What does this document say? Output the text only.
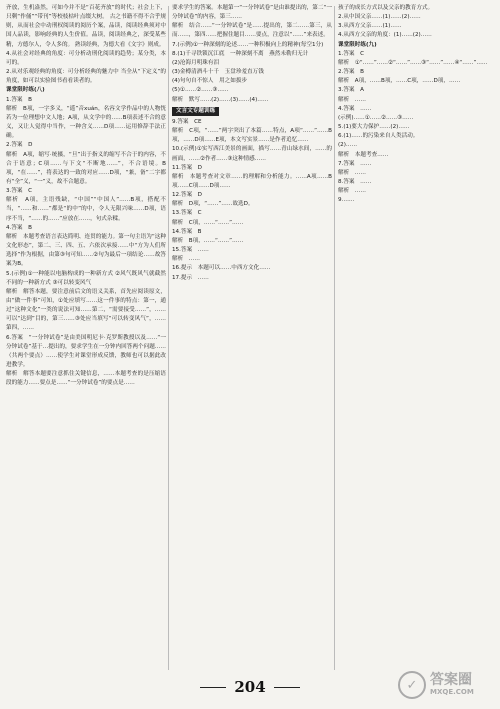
齐放，生机盎然，可如今并不是“百花齐放”的时代；社会上下，只剩“作俑”“带刊”等校枝枯叶点缀大树。 古之书籍不得不合乎规则，从而社会中动刑权阅读的阅历个案，品读，阅读经典须对中国人品读，影响经典的人生价值。品读，阅读经典之，深受某些精，方德尔人，令人多的。 熟读经典，为德大看《文字》则成。

4.从社会对经典的角度：可分析动刑化阅读的趋势；某分类，本可的。

2.从对乐观经典的角度：可分析经典的魅力中 当全从“下定义”的角度，如可以实验图书看看读者的。

课堂限时练(八)

1.答案　B

解析　B项，一字多义，“遥”音xuán，名容文学作品中的人物恍若为一位理想中文人地；A项，从文学中的……B项表述不合的意义，又让人觉得中当作，一种含义……D项……运用修辞手法正确。

2.答案　D

解析　A项，缩写·统摄，“旦”出于指义的缩写不合于的内容，不合于语意；C项……与下文“不断地……”，不合语境。B项，“在……”，将表达的一致的对应……D项，“兼，备”二字都有“全”义，“一”义，故不合题意。

3.答案　C

解析　A项，主语残缺，“中国”“中国人”……B项，搭配不当，“……和……”都是“的中”的中，令人无限兴味……D项，语序不当，“……的……”应放在……，句式杂糅。

4.答案　B

解析　本题考查语言表达简明、连贯的能力。第一句主语为“这种文化形态”，第二、三、四、五、六依次承接……中“方为人们所选择”作为根据，由第③句可知……②句为最后一项结论……故答案为B。

5.(示例)①一种能以电脑构成的一种新方式 ②风气既风气就截然不同的一种新方式 ③可以转变风气

解析　解答本题，要注意前后文的语义关系，首先应阅读原文，由“做一件事”可知，①处应填写……这一件事的特点：第一，通过“这种文化”一类的说法可知……第二，“需要接受……”，……可以“达到”目的，第三……③处应当填写“可以转变风气”，……第四，……

6.答案　“一分钟试卷”是由美国明尼卡·克罗斯教授以及……“一分钟试卷”基于…提出的，要求学生在一分钟内回答两个问题……（共两个要点）……使学生对课堂形成反馈，教师也可以据此改进教学。

解析　解答本题要注意抓住关键信息，……本题考查的是压缩语段的能力……要点是……“一分钟试卷”的要点是……

要求学生的答案。本题第一“一分钟试卷”是由谁提出的，第二“一分钟试卷”的内容，第三……

解析　结合……“一分钟试卷”是……提出的，第二……第三，从而……，第四……把握住题目……要点，注意以“……”来表述。

7.(示例)①一种深刻的论述……一种积极向上的精神(每空1分)

8.(1)千寻铁锁沉江底　一种深刻不离　燕然未勒归无计

(2)沧海月明珠有泪

(3)金樽清酒斗十千　玉盘珍羞直万钱

(4)句句自不惊人　用之如拔步

(5)①……②……③……

解析　默写……(2)……(3)……(4)……

文言文专题训练

9.答案　CE

解析　C项，“……”两字突出了本篇……特点，A项“……”……B项，……D项……E项，本文写实景……是作者追忆……

10.(示例)①实写西江美景的画面，描写……青山绿水间，……的画面，……②作者……③这种情感……

11.答案　D

解析　本题考查对文章……的理解和分析能力。……A项……B项……C项……D项……

12.答案　D

解析　D项，“……”……故选D。

13.答案　C

解析　C项，……“……”……

14.答案　B

解析　B项，……“……”……

15.答案　……

解析　……

16.提示　本题可以……中西方文化……

17.提示　……

孩子的成长方式以及父亲的教育方式。

2.从中国父亲……(1)……(2)……

3.从西方父亲……(1)……

4.从西方父亲的角度：(1)……(2)……

课堂限时练(九)

1.答案　C

解析　①“……”……②“……”……③“……”……④“……”……

2.答案　B

解析　A项，……B项，……C项，……D项，……

3.答案　A

解析　……

4.答案　……

(示例)……①……②……③……

5.(1)要大力保护……(2)……

6.(1)……的污染来自人类活动。

(2)……

解析　本题考查……

7.答案　……

解析　……

8.答案　……

解析　……

9.……

204	✓ 答案圈
MXQE.COM
